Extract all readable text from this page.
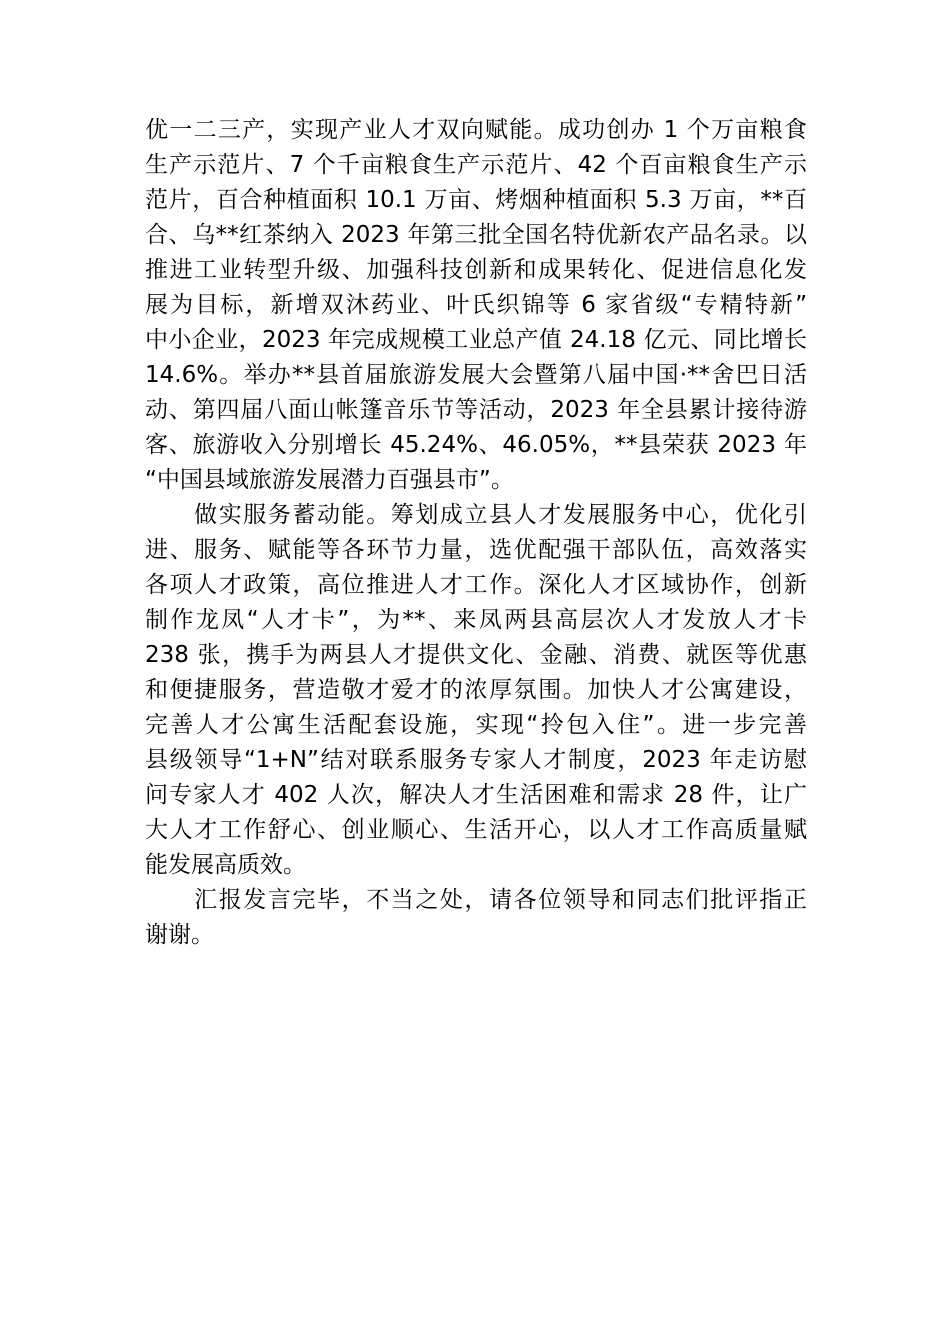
优一二三产，实现产业人才双向赋能。成功创办 1 个万亩粮食
生产示范片、7 个千亩粮食生产示范片、42 个百亩粮食生产示
范片，百合种植面积 10.1 万亩、烤烟种植面积 5.3 万亩，**百
合、乌**红茶纳入 2023 年第三批全国名特优新农产品名录。以
推进工业转型升级、加强科技创新和成果转化、促进信息化发
展为目标，新增双沐药业、叶氏织锦等 6 家省级“专精特新”
中小企业，2023 年完成规模工业总产值 24.18 亿元、同比增长
14.6%。举办**县首届旅游发展大会暨第八届中国·**舍巴日活
动、第四届八面山帐篷音乐节等活动，2023 年全县累计接待游
客、旅游收入分别增长 45.24%、46.05%，**县荣获 2023 年
“中国县域旅游发展潜力百强县市”。
　　做实服务蓄动能。筹划成立县人才发展服务中心，优化引
进、服务、赋能等各环节力量，选优配强干部队伍，高效落实
各项人才政策，高位推进人才工作。深化人才区域协作，创新
制作龙凤“人才卡”，为**、来凤两县高层次人才发放人才卡
238 张，携手为两县人才提供文化、金融、消费、就医等优惠
和便捷服务，营造敬才爱才的浓厚氛围。加快人才公寓建设，
完善人才公寓生活配套设施，实现“拎包入住”。进一步完善
县级领导“1+N”结对联系服务专家人才制度，2023 年走访慰
问专家人才 402 人次，解决人才生活困难和需求 28 件，让广
大人才工作舒心、创业顺心、生活开心，以人才工作高质量赋
能发展高质效。
　　汇报发言完毕，不当之处，请各位领导和同志们批评指正
谢谢。
